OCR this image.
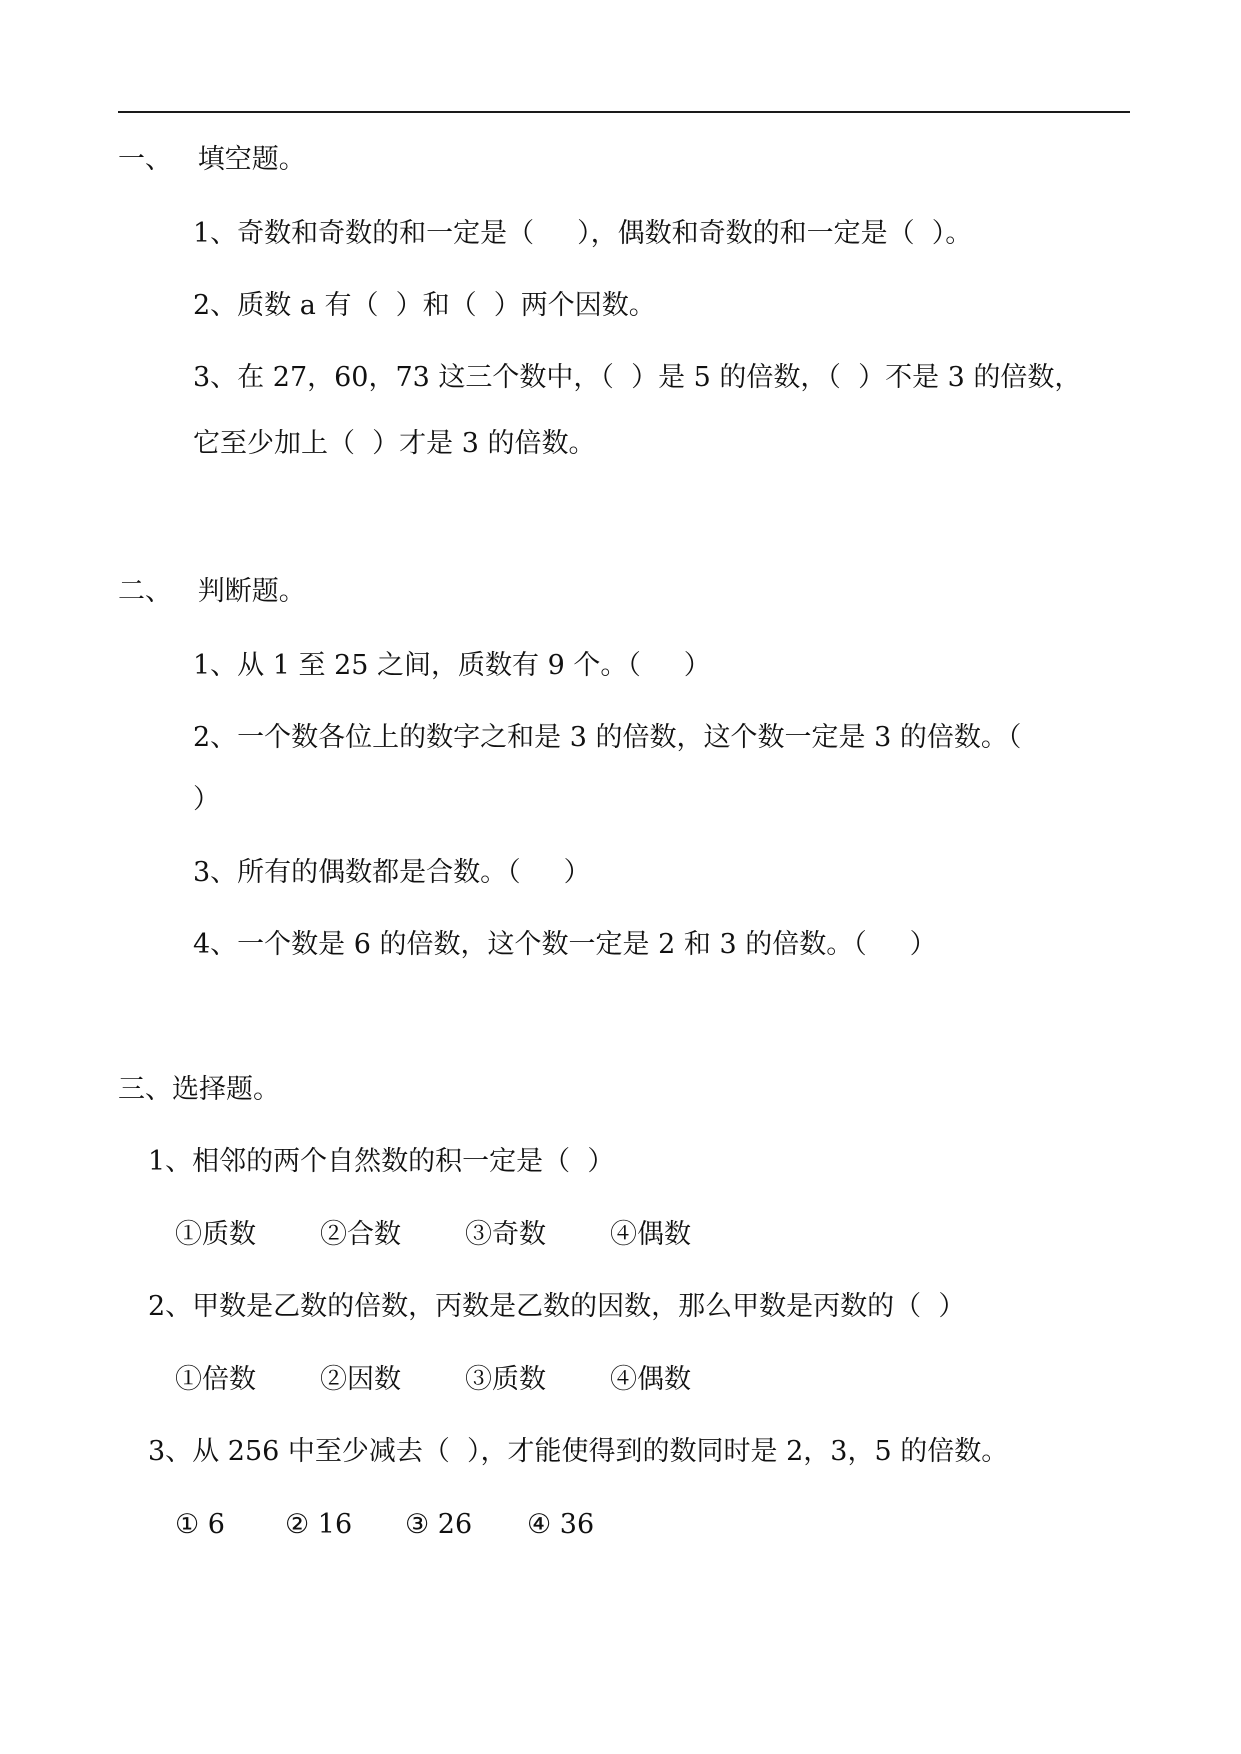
一、   填空题。
1、奇数和奇数的和一定是（     ），偶数和奇数的和一定是（  ）。
2、质数 a 有（  ）和（  ）两个因数。
3、在 27，60，73 这三个数中，（  ）是 5 的倍数，（  ）不是 3 的倍数，
它至少加上（  ）才是 3 的倍数。
二、   判断题。
1、从 1 至 25 之间，质数有 9 个。（     ）
2、一个数各位上的数字之和是 3 的倍数，这个数一定是 3 的倍数。（
）
3、所有的偶数都是合数。（     ）
4、一个数是 6 的倍数，这个数一定是 2 和 3 的倍数。（     ）
三、选择题。
1、相邻的两个自然数的积一定是（  ）
①质数 ②合数 ③奇数 ④偶数
2、甲数是乙数的倍数，丙数是乙数的因数，那么甲数是丙数的（  ）
①倍数 ②因数 ③质数 ④偶数
3、从 256 中至少减去（  ），才能使得到的数同时是 2，3，5 的倍数。
① 6 ② 16 ③ 26 ④ 36
